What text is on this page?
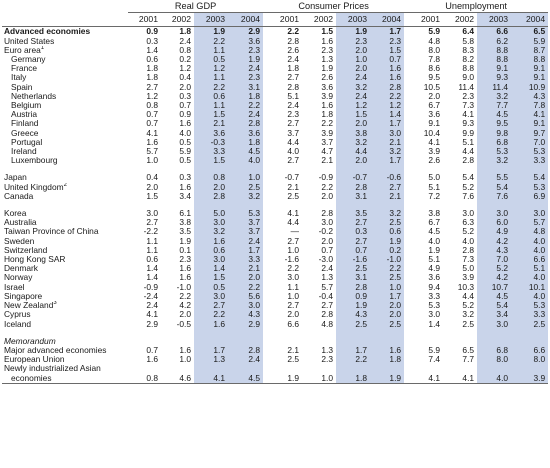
	Real GDP				Consumer Prices				Unemployment			
	2001	2002	2003	2004	2001	2002	2003	2004	2001	2002	2003	2004
Advanced economies	0.9	1.8	1.9	2.9	2.2	1.5	1.9	1.7	5.9	6.4	6.6	6.5
United States	0.3	2.4	2.2	3.6	2.8	1.6	2.3	2.3	4.8	5.8	6.2	5.9
Euro area$^1$	1.4	0.8	1.1	2.3	2.6	2.3	2.0	1.5	8.0	8.3	8.8	8.7
Germany	0.6	0.2	0.5	1.9	2.4	1.3	1.0	0.7	7.8	8.2	8.8	8.8
France	1.8	1.2	1.2	2.4	1.8	1.9	2.0	1.6	8.6	8.8	9.1	9.1
Italy	1.8	0.4	1.1	2.3	2.7	2.6	2.4	1.6	9.5	9.0	9.3	9.1
Spain	2.7	2.0	2.2	3.1	2.8	3.6	3.2	2.8	10.5	11.4	11.4	10.9
Netherlands	1.2	0.3	0.6	1.8	5.1	3.9	2.4	2.2	2.0	2.3	3.2	4.3
Belgium	0.8	0.7	1.1	2.2	2.4	1.6	1.2	1.2	6.7	7.3	7.7	7.8
Austria	0.7	0.9	1.5	2.4	2.3	1.8	1.5	1.4	3.6	4.1	4.5	4.1
Finland	0.7	1.6	2.1	2.8	2.7	2.2	2.0	1.7	9.1	9.3	9.5	9.1
Greece	4.1	4.0	3.6	3.6	3.7	3.9	3.8	3.0	10.4	9.9	9.8	9.7
Portugal	1.6	0.5	-0.3	1.8	4.4	3.7	3.2	2.1	4.1	5.1	6.8	7.0
Ireland	5.7	5.9	3.3	4.5	4.0	4.7	4.4	3.2	3.9	4.4	5.3	5.3
Luxembourg	1.0	0.5	1.5	4.0	2.7	2.1	2.0	1.7	2.6	2.8	3.2	3.3

Japan	0.4	0.3	0.8	1.0	-0.7	-0.9	-0.7	-0.6	5.0	5.4	5.5	5.4
United Kingdom$^2$	2.0	1.6	2.0	2.5	2.1	2.2	2.8	2.7	5.1	5.2	5.4	5.3
Canada	1.5	3.4	2.8	3.2	2.5	2.0	3.1	2.1	7.2	7.6	7.6	6.9

Korea	3.0	6.1	5.0	5.3	4.1	2.8	3.5	3.2	3.8	3.0	3.0	3.0
Australia	2.7	3.8	3.0	3.7	4.4	3.0	2.7	2.5	6.7	6.3	6.0	5.7
Taiwan Province of China	-2.2	3.5	3.2	3.7	—	-0.2	0.3	0.6	4.5	5.2	4.9	4.8
Sweden	1.1	1.9	1.6	2.4	2.7	2.0	2.7	1.9	4.0	4.0	4.2	4.0
Switzerland	1.1	0.1	0.6	1.7	1.0	0.7	0.7	0.2	1.9	2.8	4.3	4.0
Hong Kong SAR	0.6	2.3	3.0	3.3	-1.6	-3.0	-1.6	-1.0	5.1	7.3	7.0	6.6
Denmark	1.4	1.6	1.4	2.1	2.2	2.4	2.5	2.2	4.9	5.0	5.2	5.1
Norway	1.4	1.6	1.5	2.0	3.0	1.3	3.1	2.5	3.6	3.9	4.2	4.0
Israel	-0.9	-1.0	0.5	2.2	1.1	5.7	2.8	1.0	9.4	10.3	10.7	10.1
Singapore	-2.4	2.2	3.0	5.6	1.0	-0.4	0.9	1.7	3.3	4.4	4.5	4.0
New Zealand$^3$	2.4	4.2	2.7	3.0	2.7	2.7	1.9	2.0	5.3	5.2	5.4	5.3
Cyprus	4.1	2.0	2.2	4.3	2.0	2.8	4.3	2.0	3.0	3.2	3.4	3.3
Iceland	2.9	-0.5	1.6	2.9	6.6	4.8	2.5	2.5	1.4	2.5	3.0	2.5

Memorandum												
Major advanced economies	0.7	1.6	1.7	2.8	2.1	1.3	1.7	1.6	5.9	6.5	6.8	6.6
European Union	1.6	1.0	1.3	2.4	2.5	2.3	2.2	1.8	7.4	7.7	8.0	8.0
Newly industrialized Asian												
economies	0.8	4.6	4.1	4.5	1.9	1.0	1.8	1.9	4.1	4.1	4.0	3.9
